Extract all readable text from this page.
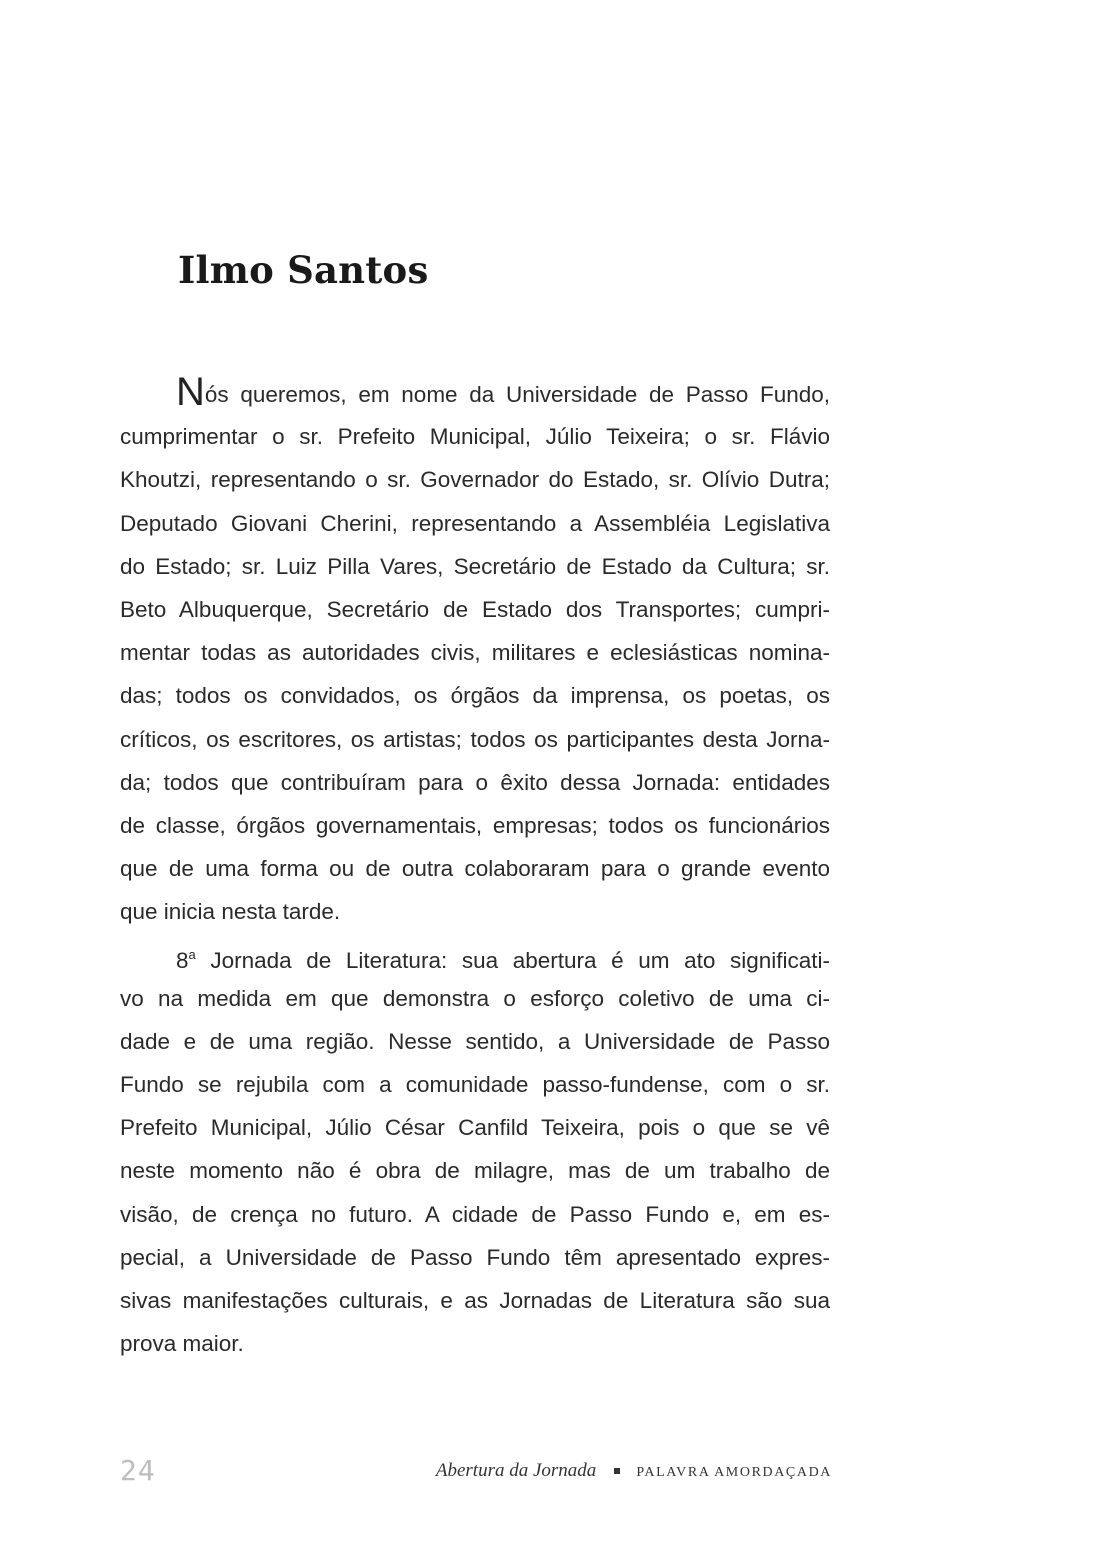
Ilmo Santos
Nós queremos, em nome da Universidade de Passo Fundo,
cumprimentar o sr. Prefeito Municipal, Júlio Teixeira; o sr. Flávio
Khoutzi, representando o sr. Governador do Estado, sr. Olívio Dutra;
Deputado Giovani Cherini, representando a Assembléia Legislativa
do Estado; sr. Luiz Pilla Vares, Secretário de Estado da Cultura; sr.
Beto Albuquerque, Secretário de Estado dos Transportes; cumpri-
mentar todas as autoridades civis, militares e eclesiásticas nomina-
das; todos os convidados, os órgãos da imprensa, os poetas, os
críticos, os escritores, os artistas; todos os participantes desta Jorna-
da; todos que contribuíram para o êxito dessa Jornada: entidades
de classe, órgãos governamentais, empresas; todos os funcionários
que de uma forma ou de outra colaboraram para o grande evento
que inicia nesta tarde.
8$^a$ Jornada de Literatura: sua abertura é um ato significati-
vo na medida em que demonstra o esforço coletivo de uma ci-
dade e de uma região. Nesse sentido, a Universidade de Passo
Fundo se rejubila com a comunidade passo-fundense, com o sr.
Prefeito Municipal, Júlio César Canfild Teixeira, pois o que se vê
neste momento não é obra de milagre, mas de um trabalho de
visão, de crença no futuro. A cidade de Passo Fundo e, em es-
pecial, a Universidade de Passo Fundo têm apresentado expres-
sivas manifestações culturais, e as Jornadas de Literatura são sua
prova maior.
24	Abertura da Jornada	PALAVRA AMORDAÇADA
